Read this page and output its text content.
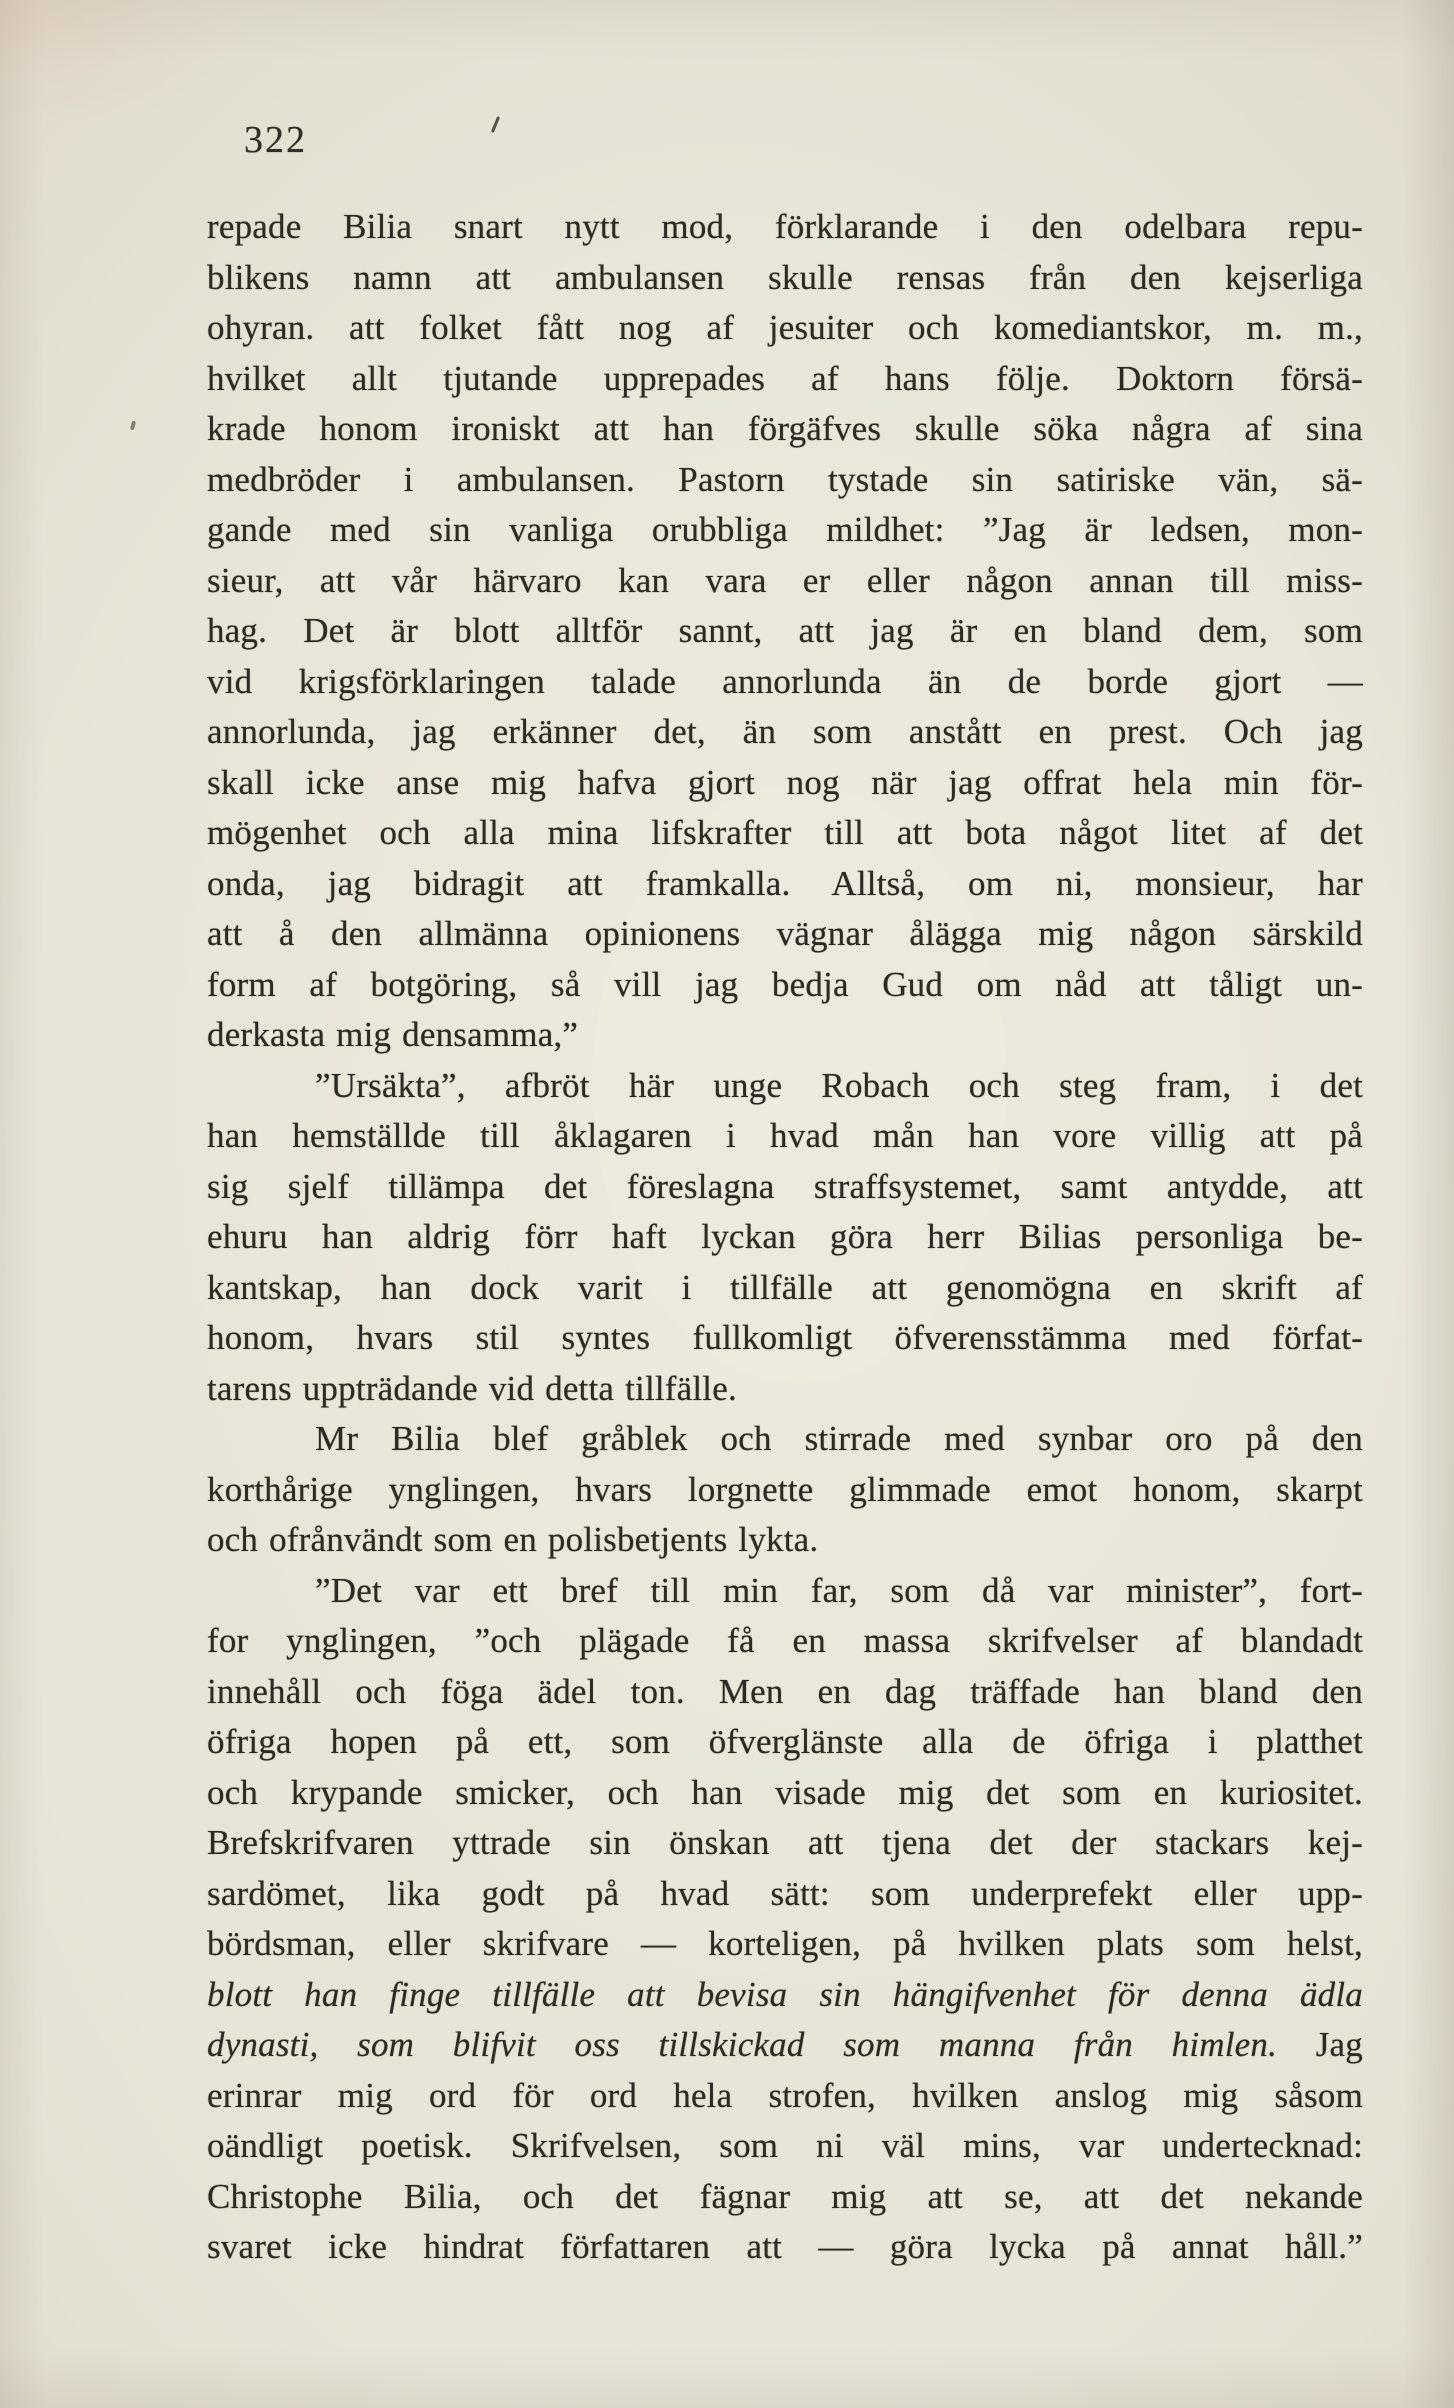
322
repade Bilia snart nytt mod, förklarande i den odelbara repu-
blikens namn att ambulansen skulle rensas från den kejserliga
ohyran. att folket fått nog af jesuiter och komediantskor, m. m.,
hvilket allt tjutande upprepades af hans följe. Doktorn försä-
krade honom ironiskt att han förgäfves skulle söka några af sina
medbröder i ambulansen. Pastorn tystade sin satiriske vän, sä-
gande med sin vanliga orubbliga mildhet: ”Jag är ledsen, mon-
sieur, att vår härvaro kan vara er eller någon annan till miss-
hag. Det är blott alltför sannt, att jag är en bland dem, som
vid krigsförklaringen talade annorlunda än de borde gjort —
annorlunda, jag erkänner det, än som anstått en prest. Och jag
skall icke anse mig hafva gjort nog när jag offrat hela min för-
mögenhet och alla mina lifskrafter till att bota något litet af det
onda, jag bidragit att framkalla. Alltså, om ni, monsieur, har
att å den allmänna opinionens vägnar ålägga mig någon särskild
form af botgöring, så vill jag bedja Gud om nåd att tåligt un-
derkasta mig densamma,”
”Ursäkta”, afbröt här unge Robach och steg fram, i det
han hemställde till åklagaren i hvad mån han vore villig att på
sig sjelf tillämpa det föreslagna straffsystemet, samt antydde, att
ehuru han aldrig förr haft lyckan göra herr Bilias personliga be-
kantskap, han dock varit i tillfälle att genomögna en skrift af
honom, hvars stil syntes fullkomligt öfverensstämma med förfat-
tarens uppträdande vid detta tillfälle.
Mr Bilia blef gråblek och stirrade med synbar oro på den
korthårige ynglingen, hvars lorgnette glimmade emot honom, skarpt
och ofrånvändt som en polisbetjents lykta.
”Det var ett bref till min far, som då var minister”, fort-
for ynglingen, ”och plägade få en massa skrifvelser af blandadt
innehåll och föga ädel ton. Men en dag träffade han bland den
öfriga hopen på ett, som öfverglänste alla de öfriga i platthet
och krypande smicker, och han visade mig det som en kuriositet.
Brefskrifvaren yttrade sin önskan att tjena det der stackars kej-
sardömet, lika godt på hvad sätt: som underprefekt eller upp-
bördsman, eller skrifvare — korteligen, på hvilken plats som helst,
blott han finge tillfälle att bevisa sin hängifvenhet för denna ädla
dynasti, som blifvit oss tillskickad som manna från himlen. Jag
erinrar mig ord för ord hela strofen, hvilken anslog mig såsom
oändligt poetisk. Skrifvelsen, som ni väl mins, var undertecknad:
Christophe Bilia, och det fägnar mig att se, att det nekande
svaret icke hindrat författaren att — göra lycka på annat håll.”
